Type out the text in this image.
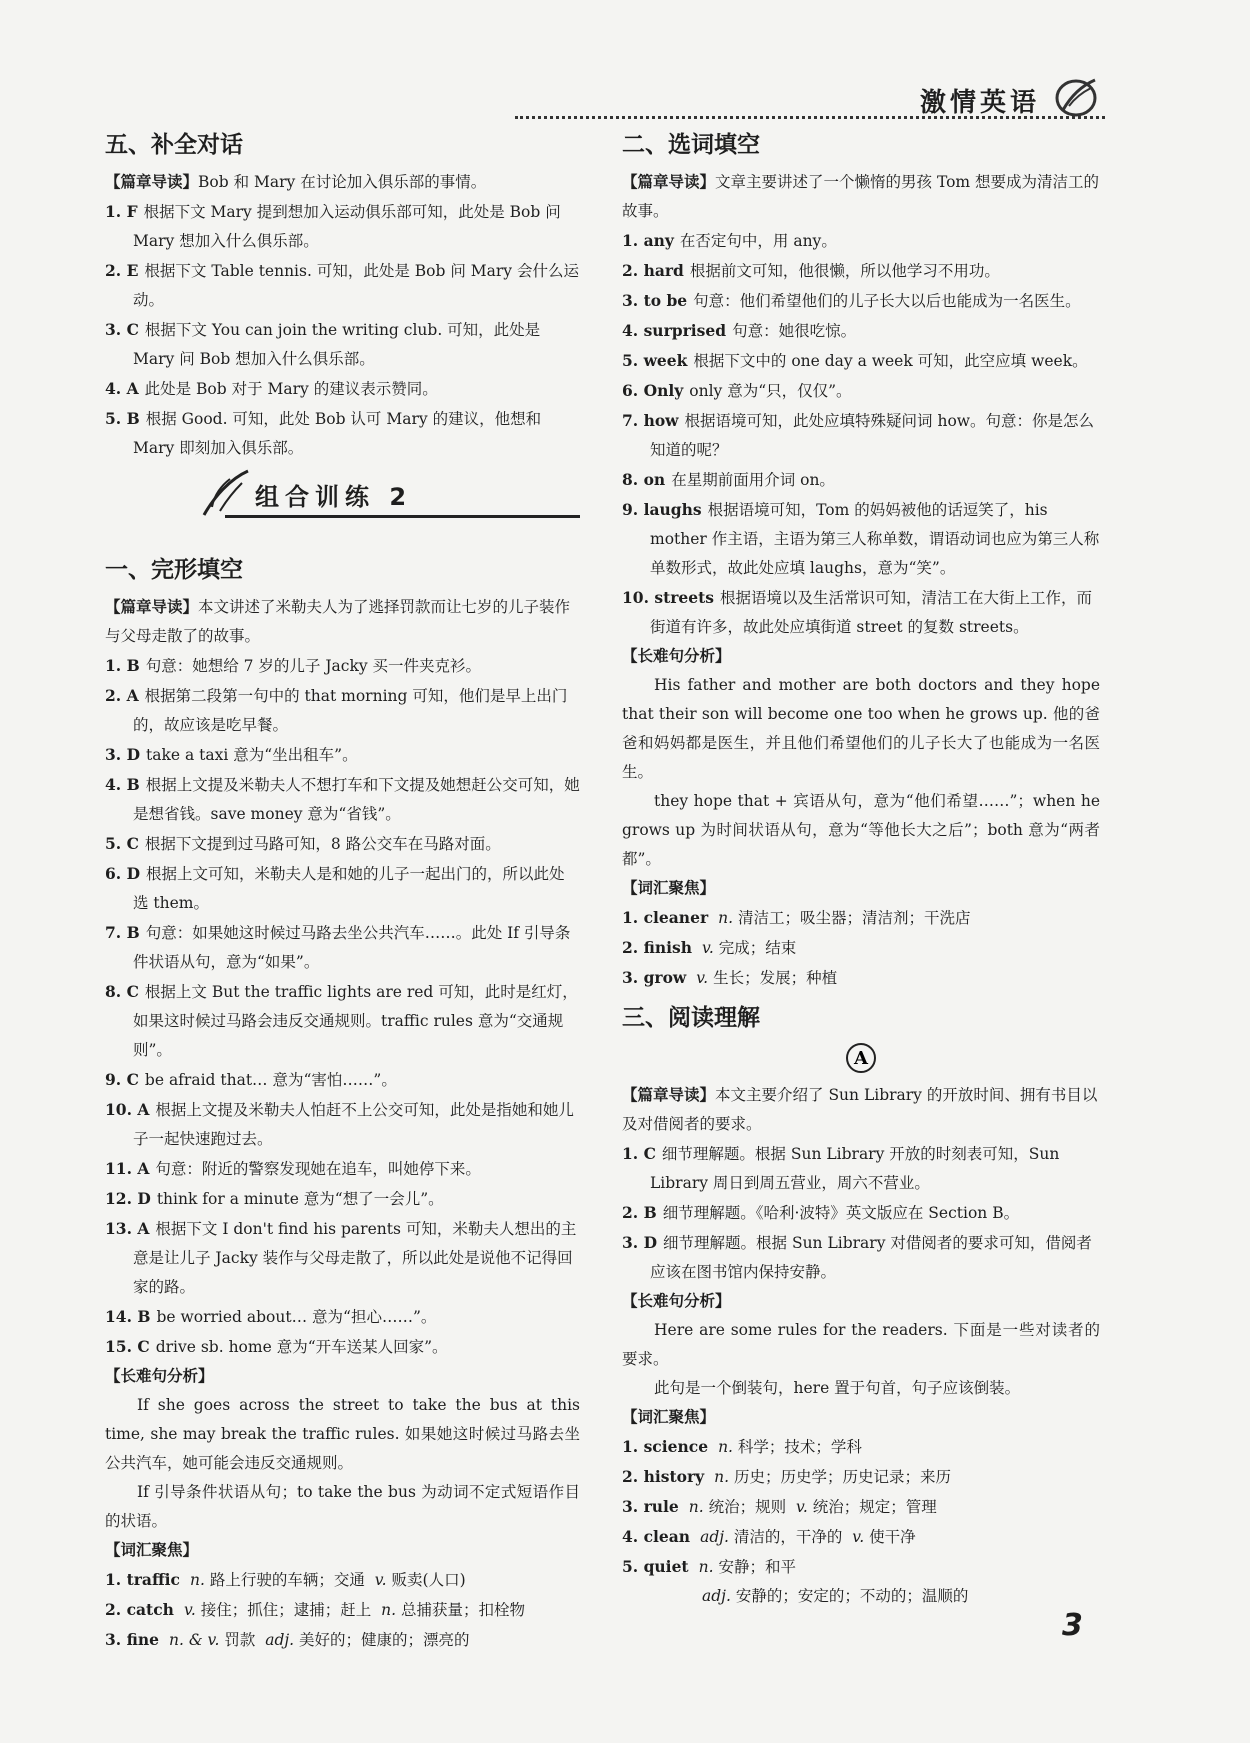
激情英语
五、补全对话

【篇章导读】Bob 和 Mary 在讨论加入俱乐部的事情。

1. F 根据下文 Mary 提到想加入运动俱乐部可知，此处是 Bob 问 Mary 想加入什么俱乐部。

2. E 根据下文 Table tennis. 可知，此处是 Bob 问 Mary 会什么运动。

3. C 根据下文 You can join the writing club. 可知，此处是 Mary 问 Bob 想加入什么俱乐部。

4. A 此处是 Bob 对于 Mary 的建议表示赞同。

5. B 根据 Good. 可知，此处 Bob 认可 Mary 的建议，他想和 Mary 即刻加入俱乐部。

组合训练 2
一、完形填空

【篇章导读】本文讲述了米勒夫人为了逃择罚款而让七岁的儿子装作与父母走散了的故事。

1. B 句意：她想给 7 岁的儿子 Jacky 买一件夹克衫。

2. A 根据第二段第一句中的 that morning 可知，他们是早上出门的，故应该是吃早餐。

3. D take a taxi 意为“坐出租车”。

4. B 根据上文提及米勒夫人不想打车和下文提及她想赶公交可知，她是想省钱。save money 意为“省钱”。

5. C 根据下文提到过马路可知，8 路公交车在马路对面。

6. D 根据上文可知，米勒夫人是和她的儿子一起出门的，所以此处选 them。

7. B 句意：如果她这时候过马路去坐公共汽车……。此处 If 引导条件状语从句，意为“如果”。

8. C 根据上文 But the traffic lights are red 可知，此时是红灯，如果这时候过马路会违反交通规则。traffic rules 意为“交通规则”。

9. C be afraid that… 意为“害怕……”。

10. A 根据上文提及米勒夫人怕赶不上公交可知，此处是指她和她儿子一起快速跑过去。

11. A 句意：附近的警察发现她在追车，叫她停下来。

12. D think for a minute 意为“想了一会儿”。

13. A 根据下文 I don't find his parents 可知，米勒夫人想出的主意是让儿子 Jacky 装作与父母走散了，所以此处是说他不记得回家的路。

14. B be worried about… 意为“担心……”。

15. C drive sb. home 意为“开车送某人回家”。

【长难句分析】

If she goes across the street to take the bus at this time, she may break the traffic rules. 如果她这时候过马路去坐公共汽车，她可能会违反交通规则。

If 引导条件状语从句；to take the bus 为动词不定式短语作目的状语。

【词汇聚焦】

1. traffic n. 路上行驶的车辆；交通 v. 贩卖(人口)

2. catch v. 接住；抓住；逮捕；赶上 n. 总捕获量；扣栓物

3. fine n. & v. 罚款 adj. 美好的；健康的；漂亮的

二、选词填空

【篇章导读】文章主要讲述了一个懒惰的男孩 Tom 想要成为清洁工的故事。

1. any 在否定句中，用 any。

2. hard 根据前文可知，他很懒，所以他学习不用功。

3. to be 句意：他们希望他们的儿子长大以后也能成为一名医生。

4. surprised 句意：她很吃惊。

5. week 根据下文中的 one day a week 可知，此空应填 week。

6. Only only 意为“只，仅仅”。

7. how 根据语境可知，此处应填特殊疑问词 how。句意：你是怎么知道的呢？

8. on 在星期前面用介词 on。

9. laughs 根据语境可知，Tom 的妈妈被他的话逗笑了，his mother 作主语，主语为第三人称单数，谓语动词也应为第三人称单数形式，故此处应填 laughs，意为“笑”。

10. streets 根据语境以及生活常识可知，清洁工在大街上工作，而街道有许多，故此处应填街道 street 的复数 streets。

【长难句分析】

His father and mother are both doctors and they hope that their son will become one too when he grows up. 他的爸爸和妈妈都是医生，并且他们希望他们的儿子长大了也能成为一名医生。

they hope that + 宾语从句，意为“他们希望……”；when he grows up 为时间状语从句，意为“等他长大之后”；both 意为“两者都”。

【词汇聚焦】

1. cleaner n. 清洁工；吸尘器；清洁剂；干洗店

2. finish v. 完成；结束

3. grow v. 生长；发展；种植

三、阅读理解
A

【篇章导读】本文主要介绍了 Sun Library 的开放时间、拥有书目以及对借阅者的要求。

1. C 细节理解题。根据 Sun Library 开放的时刻表可知，Sun Library 周日到周五营业，周六不营业。

2. B 细节理解题。《哈利·波特》英文版应在 Section B。

3. D 细节理解题。根据 Sun Library 对借阅者的要求可知，借阅者应该在图书馆内保持安静。

【长难句分析】

Here are some rules for the readers. 下面是一些对读者的要求。

此句是一个倒装句，here 置于句首，句子应该倒装。

【词汇聚焦】

1. science n. 科学；技术；学科

2. history n. 历史；历史学；历史记录；来历

3. rule n. 统治；规则 v. 统治；规定；管理

4. clean adj. 清洁的，干净的 v. 使干净

5. quiet n. 安静；和平

adj. 安静的；安定的；不动的；温顺的

3
